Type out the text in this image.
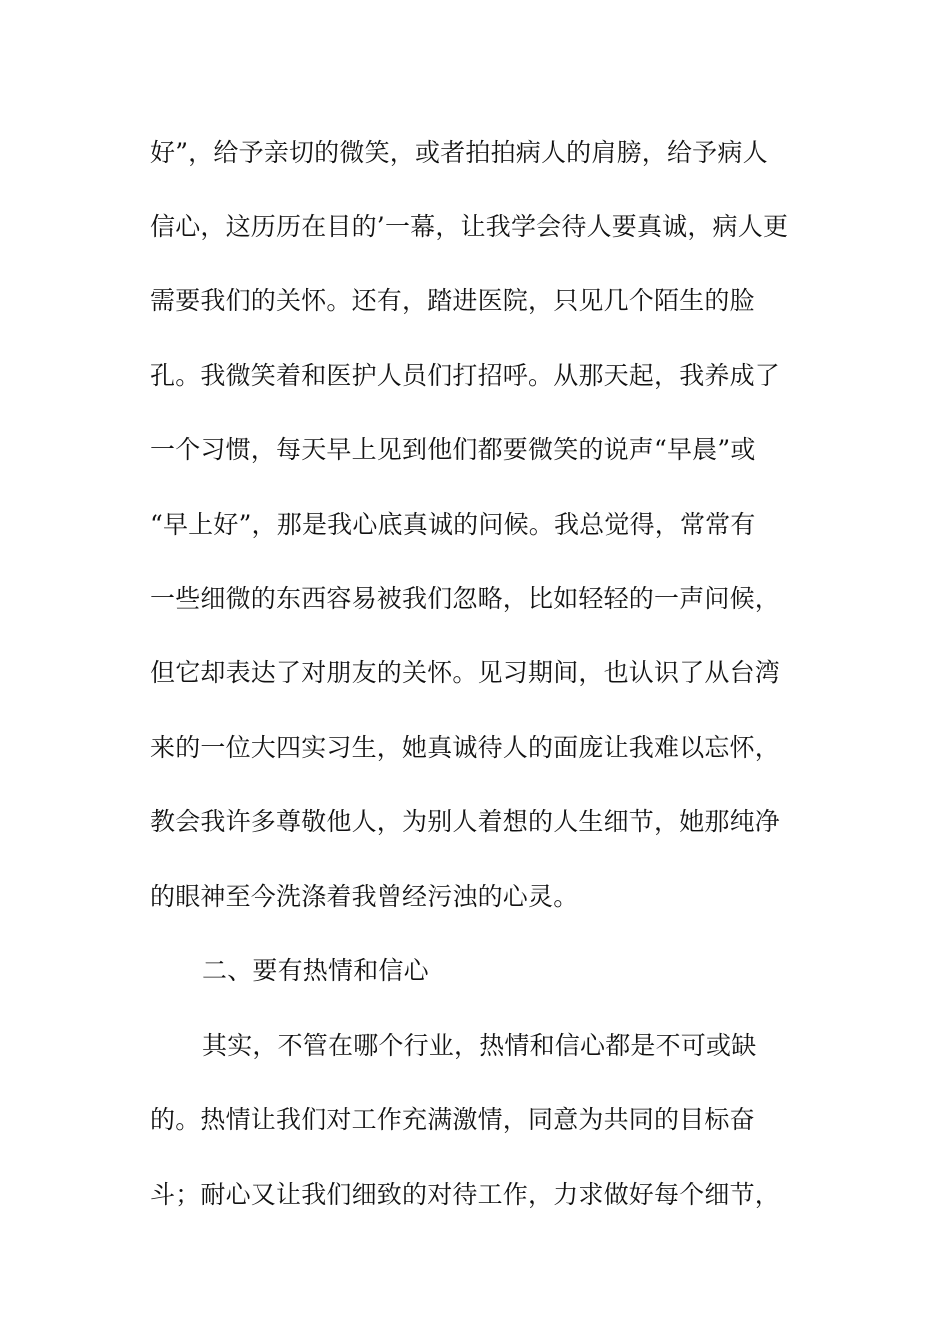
好”，给予亲切的微笑，或者拍拍病人的肩膀，给予病人
信心，这历历在目的’一幕，让我学会待人要真诚，病人更
需要我们的关怀。还有，踏进医院，只见几个陌生的脸
孔。我微笑着和医护人员们打招呼。从那天起，我养成了
一个习惯，每天早上见到他们都要微笑的说声“早晨”或
“早上好”，那是我心底真诚的问候。我总觉得，常常有
一些细微的东西容易被我们忽略，比如轻轻的一声问候，
但它却表达了对朋友的关怀。见习期间，也认识了从台湾
来的一位大四实习生，她真诚待人的面庞让我难以忘怀，
教会我许多尊敬他人，为别人着想的人生细节，她那纯净
的眼神至今洗涤着我曾经污浊的心灵。
二、要有热情和信心
其实，不管在哪个行业，热情和信心都是不可或缺
的。热情让我们对工作充满激情，同意为共同的目标奋
斗；耐心又让我们细致的对待工作，力求做好每个细节，
